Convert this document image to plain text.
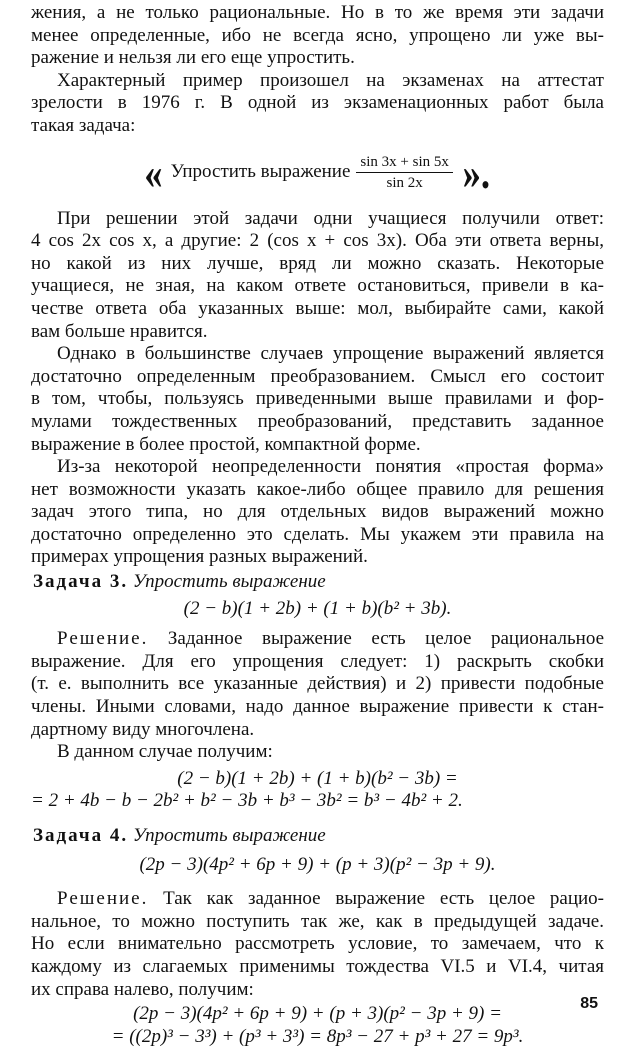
жения, а не только рациональные. Но в то же время эти задачи

менее определенные, ибо не всегда ясно, упрощено ли уже вы-

ражение и нельзя ли его еще упростить.

Характерный пример произошел на экзаменах на аттестат

зрелости в 1976 г. В одной из экзаменационных работ была

такая задача:

« Упростить выражение $\frac{\sin 3x + \sin 5x}{\sin 2x}$ ».

При решении этой задачи одни учащиеся получили ответ:

4 cos 2x cos x, а другие: 2 (cos x + cos 3x). Оба эти ответа верны,

но какой из них лучше, вряд ли можно сказать. Некоторые

учащиеся, не зная, на каком ответе остановиться, привели в ка-

честве ответа оба указанных выше: мол, выбирайте сами, какой

вам больше нравится.

Однако в большинстве случаев упрощение выражений является

достаточно определенным преобразованием. Смысл его состоит

в том, чтобы, пользуясь приведенными выше правилами и фор-

мулами тождественных преобразований, представить заданное

выражение в более простой, компактной форме.

Из-за некоторой неопределенности понятия «простая форма»

нет возможности указать какое-либо общее правило для решения

задач этого типа, но для отдельных видов выражений можно

достаточно определенно это сделать. Мы укажем эти правила на

примерах упрощения разных выражений.

Задача 3. Упростить выражение

(2 − b)(1 + 2b) + (1 + b)(b² + 3b).

Решение. Заданное выражение есть целое рациональное

выражение. Для его упрощения следует: 1) раскрыть скобки

(т. е. выполнить все указанные действия) и 2) привести подобные

члены. Иными словами, надо данное выражение привести к стан-

дартному виду многочлена.

В данном случае получим:

(2 − b)(1 + 2b) + (1 + b)(b² − 3b) =

= 2 + 4b − b − 2b² + b² − 3b + b³ − 3b² = b³ − 4b² + 2.

Задача 4. Упростить выражение

(2p − 3)(4p² + 6p + 9) + (p + 3)(p² − 3p + 9).

Решение. Так как заданное выражение есть целое рацио-

нальное, то можно поступить так же, как в предыдущей задаче.

Но если внимательно рассмотреть условие, то замечаем, что к

каждому из слагаемых применимы тождества VI.5 и VI.4, читая

их справа налево, получим:

(2p − 3)(4p² + 6p + 9) + (p + 3)(p² − 3p + 9) =

= ((2p)³ − 3³) + (p³ + 3³) = 8p³ − 27 + p³ + 27 = 9p³.

85
